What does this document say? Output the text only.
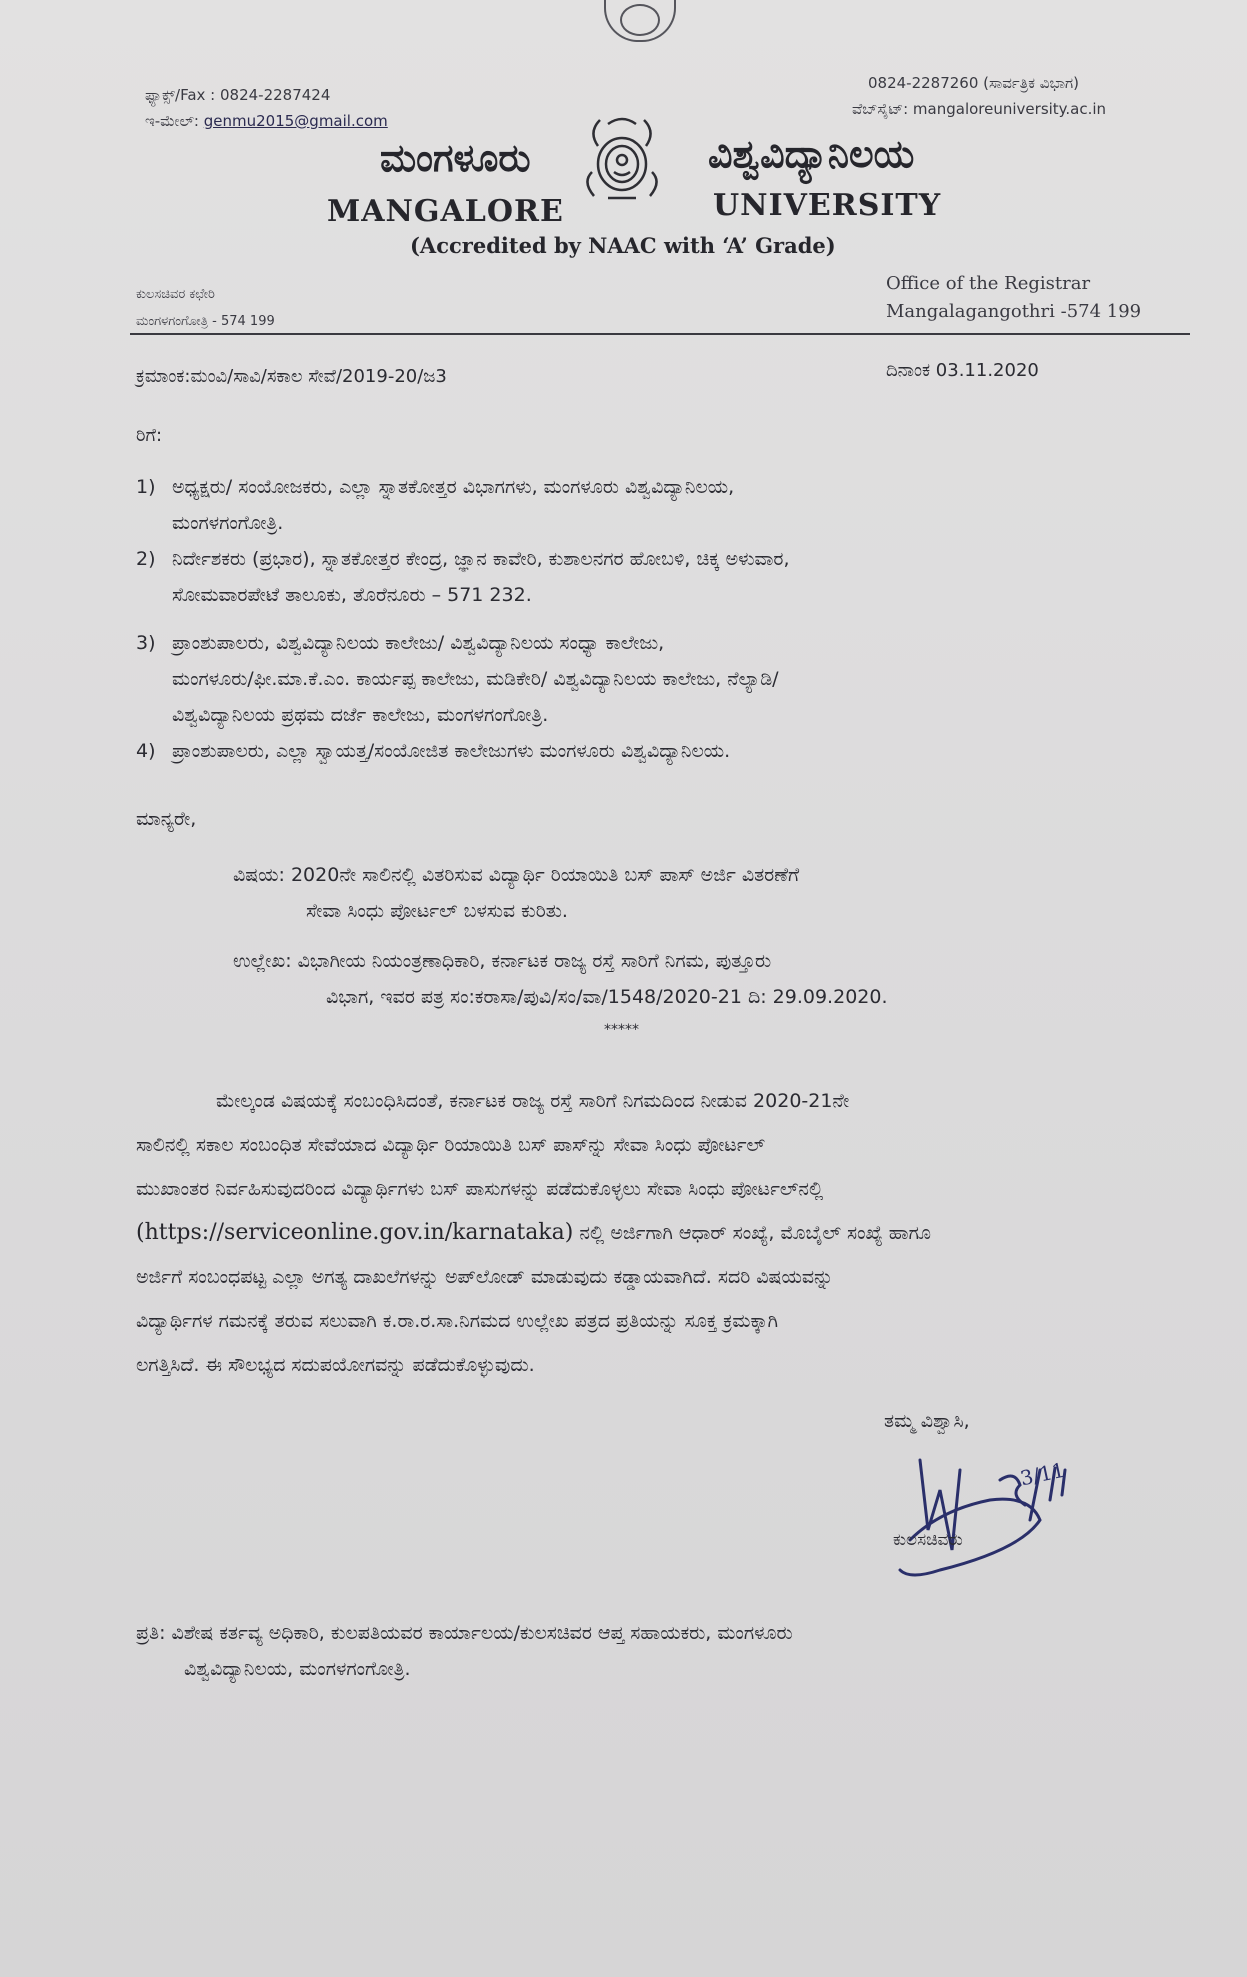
ಫ್ಯಾಕ್ಸ್/Fax : 0824-2287424
ಇ-ಮೇಲ್: genmu2015@gmail.com
0824-2287260 (ಸಾರ್ವತ್ರಿಕ ವಿಭಾಗ)
ವೆಬ್‌ಸೈಟ್: mangaloreuniversity.ac.in
ಮಂಗಳೂರು	ವಿಶ್ವವಿದ್ಯಾನಿಲಯ
MANGALORE	UNIVERSITY
(Accredited by NAAC with ‘A’ Grade)
ಕುಲಸಚಿವರ ಕಛೇರಿ
ಮಂಗಳಗಂಗೋತ್ರಿ - 574 199
Office of the Registrar
Mangalagangothri -574 199
ಕ್ರಮಾಂಕ:ಮಂವಿ/ಸಾವಿ/ಸಕಾಲ ಸೇವೆ/2019-20/ಜ3	ದಿನಾಂಕ 03.11.2020
ರಿಗೆ:
1) ಅಧ್ಯಕ್ಷರು/ ಸಂಯೋಜಕರು, ಎಲ್ಲಾ ಸ್ನಾತಕೋತ್ತರ ವಿಭಾಗಗಳು, ಮಂಗಳೂರು ವಿಶ್ವವಿದ್ಯಾನಿಲಯ,
ಮಂಗಳಗಂಗೋತ್ರಿ.
2) ನಿರ್ದೇಶಕರು (ಪ್ರಭಾರ), ಸ್ನಾತಕೋತ್ತರ ಕೇಂದ್ರ, ಜ್ಞಾನ ಕಾವೇರಿ, ಕುಶಾಲನಗರ ಹೋಬಳಿ, ಚಿಕ್ಕ ಅಳುವಾರ,
ಸೋಮವಾರಪೇಟೆ ತಾಲೂಕು, ತೊರೆನೂರು – 571 232.
3) ಪ್ರಾಂಶುಪಾಲರು, ವಿಶ್ವವಿದ್ಯಾನಿಲಯ ಕಾಲೇಜು/ ವಿಶ್ವವಿದ್ಯಾನಿಲಯ ಸಂಧ್ಯಾ ಕಾಲೇಜು,
ಮಂಗಳೂರು/ಫೀ.ಮಾ.ಕೆ.ಎಂ. ಕಾರ್ಯಪ್ಪ ಕಾಲೇಜು, ಮಡಿಕೇರಿ/ ವಿಶ್ವವಿದ್ಯಾನಿಲಯ ಕಾಲೇಜು, ನೆಲ್ಯಾಡಿ/
ವಿಶ್ವವಿದ್ಯಾನಿಲಯ ಪ್ರಥಮ ದರ್ಜೆ ಕಾಲೇಜು, ಮಂಗಳಗಂಗೋತ್ರಿ.
4) ಪ್ರಾಂಶುಪಾಲರು, ಎಲ್ಲಾ ಸ್ವಾಯತ್ತ/ಸಂಯೋಜಿತ ಕಾಲೇಜುಗಳು ಮಂಗಳೂರು ವಿಶ್ವವಿದ್ಯಾನಿಲಯ.
ಮಾನ್ಯರೇ,
ವಿಷಯ: 2020ನೇ ಸಾಲಿನಲ್ಲಿ ವಿತರಿಸುವ ವಿದ್ಯಾರ್ಥಿ ರಿಯಾಯಿತಿ ಬಸ್ ಪಾಸ್ ಅರ್ಜಿ ವಿತರಣೆಗೆ
ಸೇವಾ ಸಿಂಧು ಪೋರ್ಟಲ್ ಬಳಸುವ ಕುರಿತು.
ಉಲ್ಲೇಖ: ವಿಭಾಗೀಯ ನಿಯಂತ್ರಣಾಧಿಕಾರಿ, ಕರ್ನಾಟಕ ರಾಜ್ಯ ರಸ್ತೆ ಸಾರಿಗೆ ನಿಗಮ, ಪುತ್ತೂರು
ವಿಭಾಗ, ಇವರ ಪತ್ರ ಸಂ:ಕರಾಸಾ/ಪುವಿ/ಸಂ/ವಾ/1548/2020-21 ದಿ: 29.09.2020.
*****
ಮೇಲ್ಕಂಡ ವಿಷಯಕ್ಕೆ ಸಂಬಂಧಿಸಿದಂತೆ, ಕರ್ನಾಟಕ ರಾಜ್ಯ ರಸ್ತೆ ಸಾರಿಗೆ ನಿಗಮದಿಂದ ನೀಡುವ 2020-21ನೇ
ಸಾಲಿನಲ್ಲಿ ಸಕಾಲ ಸಂಬಂಧಿತ ಸೇವೆಯಾದ ವಿದ್ಯಾರ್ಥಿ ರಿಯಾಯಿತಿ ಬಸ್ ಪಾಸ್‌ನ್ನು ಸೇವಾ ಸಿಂಧು ಪೋರ್ಟಲ್
ಮುಖಾಂತರ ನಿರ್ವಹಿಸುವುದರಿಂದ ವಿದ್ಯಾರ್ಥಿಗಳು ಬಸ್ ಪಾಸುಗಳನ್ನು ಪಡೆದುಕೊಳ್ಳಲು ಸೇವಾ ಸಿಂಧು ಪೋರ್ಟಲ್‌ನಲ್ಲಿ
(https://serviceonline.gov.in/karnataka) ನಲ್ಲಿ ಅರ್ಜಿಗಾಗಿ ಆಧಾರ್ ಸಂಖ್ಯೆ, ಮೊಬೈಲ್ ಸಂಖ್ಯೆ ಹಾಗೂ
ಅರ್ಜಿಗೆ ಸಂಬಂಧಪಟ್ಟ ಎಲ್ಲಾ ಅಗತ್ಯ ದಾಖಲೆಗಳನ್ನು ಅಪ್‌ಲೋಡ್ ಮಾಡುವುದು ಕಡ್ಡಾಯವಾಗಿದೆ. ಸದರಿ ವಿಷಯವನ್ನು
ವಿದ್ಯಾರ್ಥಿಗಳ ಗಮನಕ್ಕೆ ತರುವ ಸಲುವಾಗಿ ಕ.ರಾ.ರ.ಸಾ.ನಿಗಮದ ಉಲ್ಲೇಖ ಪತ್ರದ ಪ್ರತಿಯನ್ನು ಸೂಕ್ತ ಕ್ರಮಕ್ಕಾಗಿ
ಲಗತ್ತಿಸಿದೆ. ಈ ಸೌಲಭ್ಯದ ಸದುಪಯೋಗವನ್ನು ಪಡೆದುಕೊಳ್ಳುವುದು.
ತಮ್ಮ ವಿಶ್ವಾಸಿ,
3/11
ಕುಲಸಚಿವರು
ಪ್ರತಿ: ವಿಶೇಷ ಕರ್ತವ್ಯ ಅಧಿಕಾರಿ, ಕುಲಪತಿಯವರ ಕಾರ್ಯಾಲಯ/ಕುಲಸಚಿವರ ಆಪ್ತ ಸಹಾಯಕರು, ಮಂಗಳೂರು
ವಿಶ್ವವಿದ್ಯಾನಿಲಯ, ಮಂಗಳಗಂಗೋತ್ರಿ.
